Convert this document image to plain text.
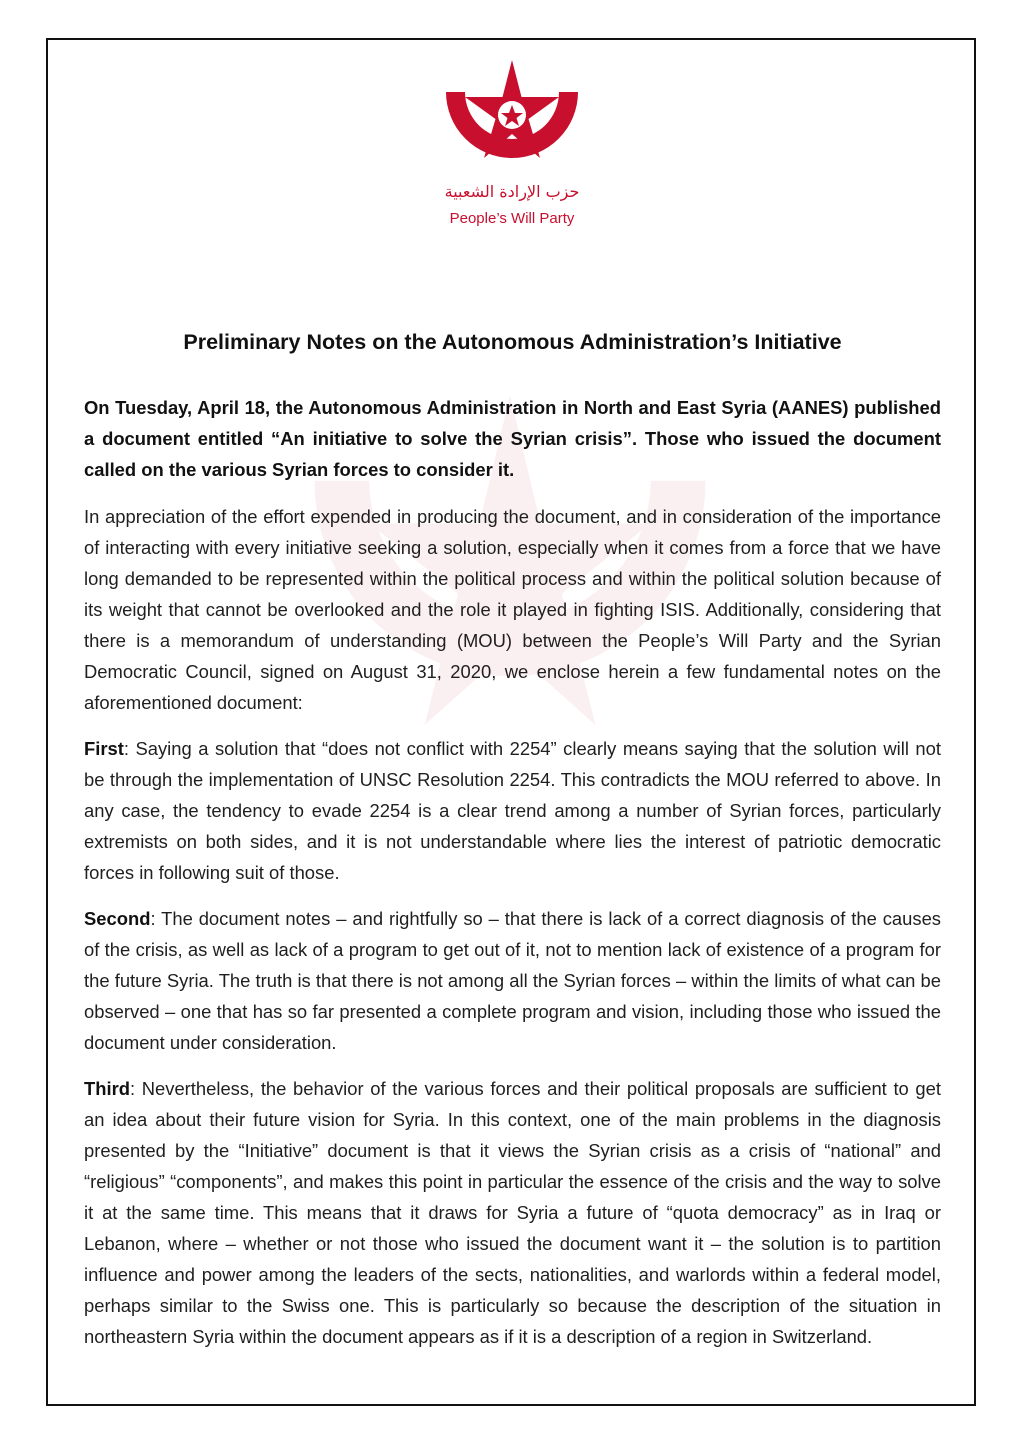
حزب الإرادة الشعبية
People’s Will Party
Preliminary Notes on the Autonomous Administration’s Initiative

On Tuesday, April 18, the Autonomous Administration in North and East Syria (AANES) published a document entitled “An initiative to solve the Syrian crisis”. Those who issued the document called on the various Syrian forces to consider it.

In appreciation of the effort expended in producing the document, and in consideration of the importance of interacting with every initiative seeking a solution, especially when it comes from a force that we have long demanded to be represented within the political process and within the political solution because of its weight that cannot be overlooked and the role it played in fighting ISIS. Additionally, considering that there is a memorandum of understanding (MOU) between the People’s Will Party and the Syrian Democratic Council, signed on August 31, 2020, we enclose herein a few fundamental notes on the aforementioned document:

First: Saying a solution that “does not conflict with 2254” clearly means saying that the solution will not be through the implementation of UNSC Resolution 2254. This contradicts the MOU referred to above. In any case, the tendency to evade 2254 is a clear trend among a number of Syrian forces, particularly extremists on both sides, and it is not understandable where lies the interest of patriotic democratic forces in following suit of those.

Second: The document notes – and rightfully so – that there is lack of a correct diagnosis of the causes of the crisis, as well as lack of a program to get out of it, not to mention lack of existence of a program for the future Syria. The truth is that there is not among all the Syrian forces – within the limits of what can be observed – one that has so far presented a complete program and vision, including those who issued the document under consideration.

Third: Nevertheless, the behavior of the various forces and their political proposals are sufficient to get an idea about their future vision for Syria. In this context, one of the main problems in the diagnosis presented by the “Initiative” document is that it views the Syrian crisis as a crisis of “national” and “religious” “components”, and makes this point in particular the essence of the crisis and the way to solve it at the same time. This means that it draws for Syria a future of “quota democracy” as in Iraq or Lebanon, where – whether or not those who issued the document want it – the solution is to partition influence and power among the leaders of the sects, nationalities, and warlords within a federal model, perhaps similar to the Swiss one. This is particularly so because the description of the situation in northeastern Syria within the document appears as if it is a description of a region in Switzerland.
